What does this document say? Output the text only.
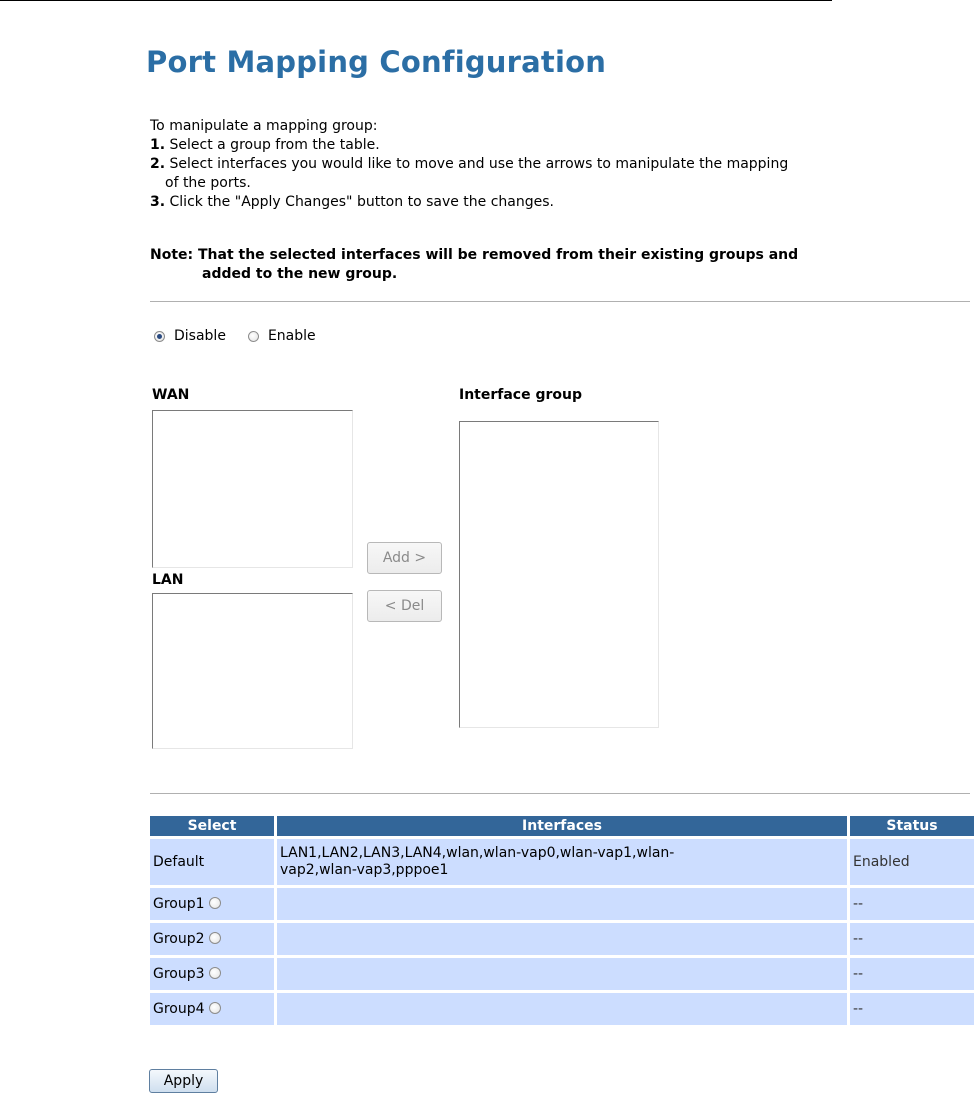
Port Mapping Configuration
To manipulate a mapping group:
1. Select a group from the table.
2. Select interfaces you would like to move and use the arrows to manipulate the mapping
of the ports.
3. Click the "Apply Changes" button to save the changes.
Note: That the selected interfaces will be removed from their existing groups and
added to the new group.
Disable	Enable
WAN	Interface group
LAN
Add >
< Del
Select	Interfaces	Status
Default	LAN1,LAN2,LAN3,LAN4,wlan,wlan-vap0,wlan-vap1,wlan-
vap2,wlan-vap3,pppoe1	Enabled
Group1		--
Group2		--
Group3		--
Group4		--
Apply
